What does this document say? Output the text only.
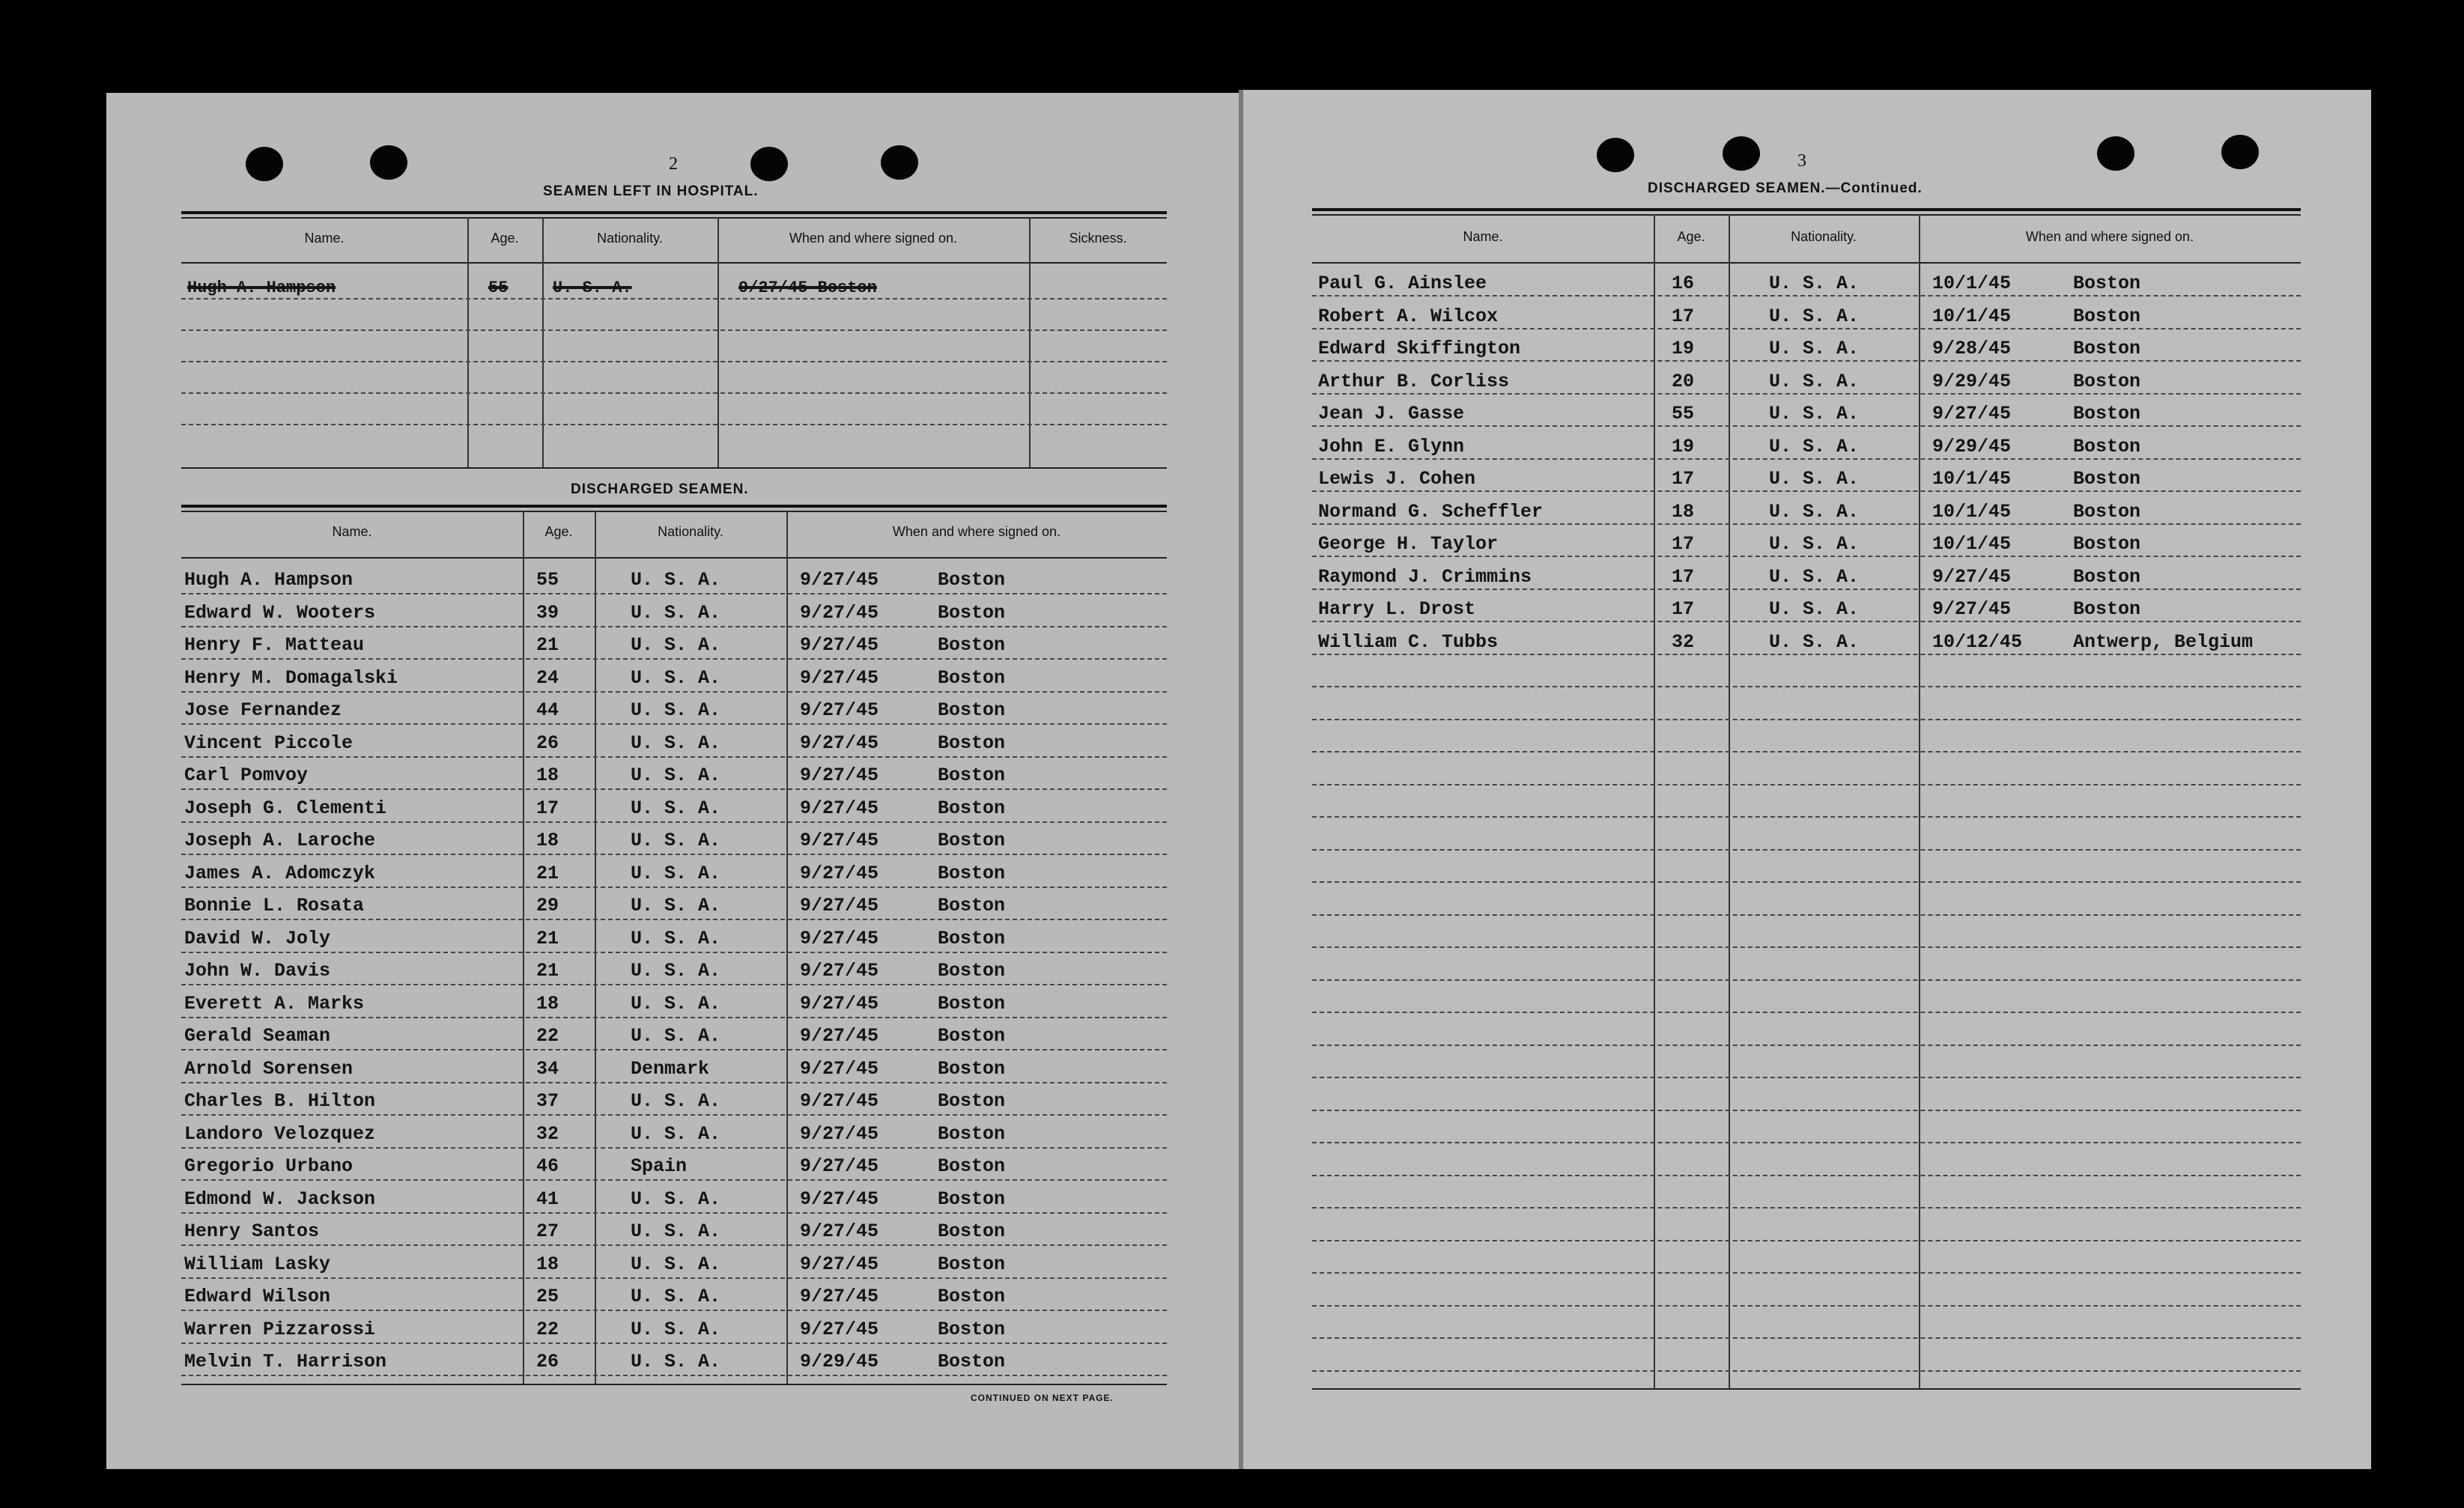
2
SEAMEN LEFT IN HOSPITAL.
Name.	Age.	Nationality.	When and where signed on.	Sickness.
Hugh A. Hampson	55	U. S. A.	9/27/45 Boston
DISCHARGED SEAMEN.
Name.	Age.	Nationality.	When and where signed on.
Hugh A. Hampson	55	U. S. A.	9/27/45	Boston
Edward W. Wooters	39	U. S. A.	9/27/45	Boston
Henry F. Matteau	21	U. S. A.	9/27/45	Boston
Henry M. Domagalski	24	U. S. A.	9/27/45	Boston
Jose Fernandez	44	U. S. A.	9/27/45	Boston
Vincent Piccole	26	U. S. A.	9/27/45	Boston
Carl Pomvoy	18	U. S. A.	9/27/45	Boston
Joseph G. Clementi	17	U. S. A.	9/27/45	Boston
Joseph A. Laroche	18	U. S. A.	9/27/45	Boston
James A. Adomczyk	21	U. S. A.	9/27/45	Boston
Bonnie L. Rosata	29	U. S. A.	9/27/45	Boston
David W. Joly	21	U. S. A.	9/27/45	Boston
John W. Davis	21	U. S. A.	9/27/45	Boston
Everett A. Marks	18	U. S. A.	9/27/45	Boston
Gerald Seaman	22	U. S. A.	9/27/45	Boston
Arnold Sorensen	34	Denmark	9/27/45	Boston
Charles B. Hilton	37	U. S. A.	9/27/45	Boston
Landoro Velozquez	32	U. S. A.	9/27/45	Boston
Gregorio Urbano	46	Spain	9/27/45	Boston
Edmond W. Jackson	41	U. S. A.	9/27/45	Boston
Henry Santos	27	U. S. A.	9/27/45	Boston
William Lasky	18	U. S. A.	9/27/45	Boston
Edward Wilson	25	U. S. A.	9/27/45	Boston
Warren Pizzarossi	22	U. S. A.	9/27/45	Boston
Melvin T. Harrison	26	U. S. A.	9/29/45	Boston
CONTINUED ON NEXT PAGE.
3
DISCHARGED SEAMEN.—Continued.
Name.	Age.	Nationality.	When and where signed on.
Paul G. Ainslee	16	U. S. A.	10/1/45	Boston
Robert A. Wilcox	17	U. S. A.	10/1/45	Boston
Edward Skiffington	19	U. S. A.	9/28/45	Boston
Arthur B. Corliss	20	U. S. A.	9/29/45	Boston
Jean J. Gasse	55	U. S. A.	9/27/45	Boston
John E. Glynn	19	U. S. A.	9/29/45	Boston
Lewis J. Cohen	17	U. S. A.	10/1/45	Boston
Normand G. Scheffler	18	U. S. A.	10/1/45	Boston
George H. Taylor	17	U. S. A.	10/1/45	Boston
Raymond J. Crimmins	17	U. S. A.	9/27/45	Boston
Harry L. Drost	17	U. S. A.	9/27/45	Boston
William C. Tubbs	32	U. S. A.	10/12/45	Antwerp, Belgium
